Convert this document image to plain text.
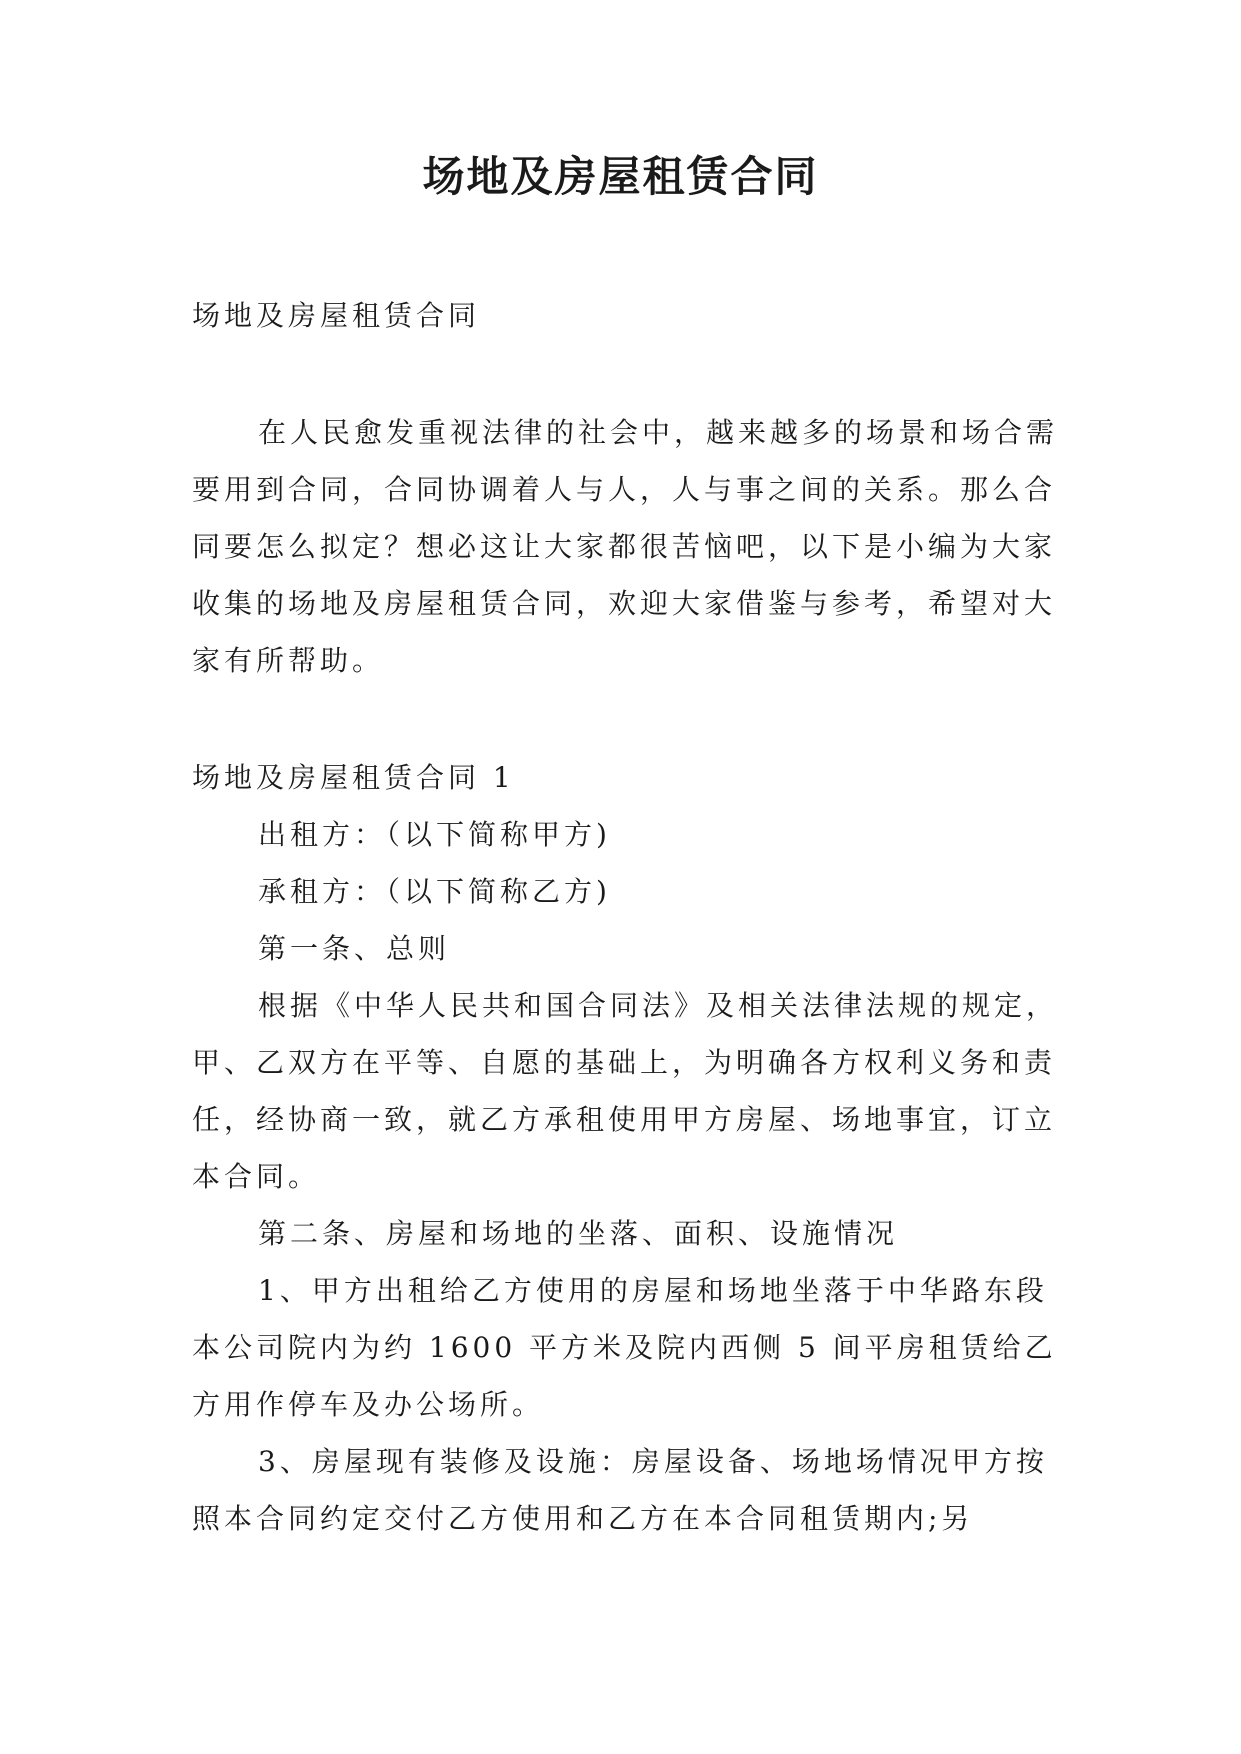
场地及房屋租赁合同

场地及房屋租赁合同

在人民愈发重视法律的社会中，越来越多的场景和场合需要用到合同，合同协调着人与人，人与事之间的关系。那么合同要怎么拟定？想必这让大家都很苦恼吧，以下是小编为大家收集的场地及房屋租赁合同，欢迎大家借鉴与参考，希望对大家有所帮助。

场地及房屋租赁合同 1

出租方：（以下简称甲方)

承租方：（以下简称乙方)

第一条、总则

根据《中华人民共和国合同法》及相关法律法规的规定，甲、乙双方在平等、自愿的基础上，为明确各方权利义务和责任，经协商一致，就乙方承租使用甲方房屋、场地事宜，订立本合同。

第二条、房屋和场地的坐落、面积、设施情况

1、甲方出租给乙方使用的房屋和场地坐落于中华路东段本公司院内为约 1600 平方米及院内西侧 5 间平房租赁给乙方用作停车及办公场所。

3、房屋现有装修及设施：房屋设备、场地场情况甲方按照本合同约定交付乙方使用和乙方在本合同租赁期内;另
